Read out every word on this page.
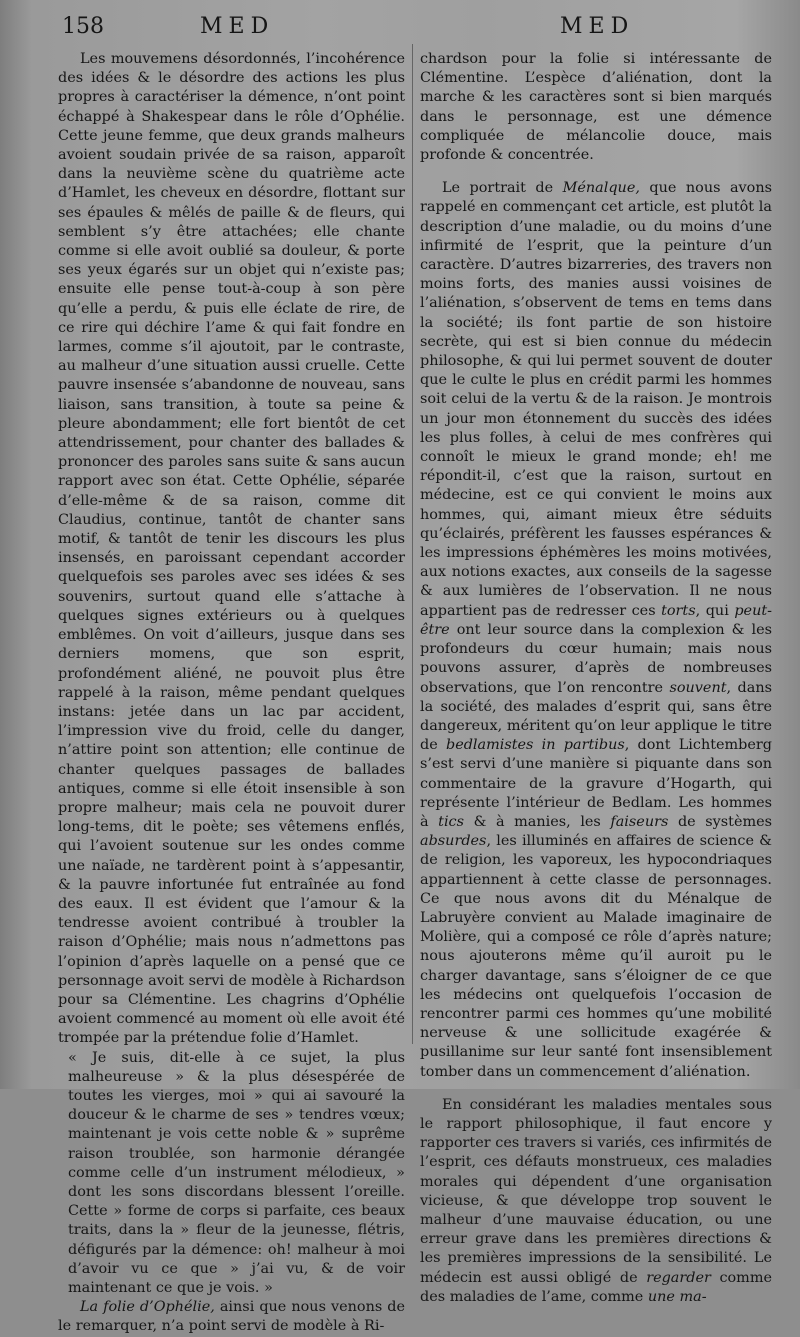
158	MED	MED

Les mouvemens désordonnés, l’incohérence des idées & le désordre des actions les plus propres à caractériser la démence, n’ont point échappé à Shakespear dans le rôle d’Ophélie. Cette jeune femme, que deux grands malheurs avoient soudain privée de sa raison, apparoît dans la neuvième scène du quatrième acte d’Hamlet, les cheveux en désordre, flottant sur ses épaules & mêlés de paille & de fleurs, qui semblent s’y être attachées; elle chante comme si elle avoit oublié sa douleur, & porte ses yeux égarés sur un objet qui n’existe pas; ensuite elle pense tout-à-coup à son père qu’elle a perdu, & puis elle éclate de rire, de ce rire qui déchire l’ame & qui fait fondre en larmes, comme s’il ajoutoit, par le contraste, au malheur d’une situation aussi cruelle. Cette pauvre insensée s’abandonne de nouveau, sans liaison, sans transition, à toute sa peine & pleure abondamment; elle fort bientôt de cet attendrissement, pour chanter des ballades & prononcer des paroles sans suite & sans aucun rapport avec son état. Cette Ophélie, séparée d’elle-même & de sa raison, comme dit Claudius, continue, tantôt de chanter sans motif, & tantôt de tenir les discours les plus insensés, en paroissant cependant accorder quelquefois ses paroles avec ses idées & ses souvenirs, surtout quand elle s’attache à quelques signes extérieurs ou à quelques emblêmes. On voit d’ailleurs, jusque dans ses derniers momens, que son esprit, profondément aliéné, ne pouvoit plus être rappelé à la raison, même pendant quelques instans: jetée dans un lac par accident, l’impression vive du froid, celle du danger, n’attire point son attention; elle continue de chanter quelques passages de ballades antiques, comme si elle étoit insensible à son propre malheur; mais cela ne pouvoit durer long-tems, dit le poète; ses vêtemens enflés, qui l’avoient soutenue sur les ondes comme une naïade, ne tardèrent point à s’appesantir, & la pauvre infortunée fut entraînée au fond des eaux. Il est évident que l’amour & la tendresse avoient contribué à troubler la raison d’Ophélie; mais nous n’admettons pas l’opinion d’après laquelle on a pensé que ce personnage avoit servi de modèle à Richardson pour sa Clémentine. Les chagrins d’Ophélie avoient commencé au moment où elle avoit été trompée par la prétendue folie d’Hamlet.

« Je suis, dit-elle à ce sujet, la plus malheureuse » & la plus désespérée de toutes les vierges, moi » qui ai savouré la douceur & le charme de ses » tendres vœux; maintenant je vois cette noble & » suprême raison troublée, son harmonie dérangée comme celle d’un instrument mélodieux, » dont les sons discordans blessent l’oreille. Cette » forme de corps si parfaite, ces beaux traits, dans la » fleur de la jeunesse, flétris, défigurés par la démence: oh! malheur à moi d’avoir vu ce que » j’ai vu, & de voir maintenant ce que je vois. »

La folie d’Ophélie, ainsi que nous venons de le remarquer, n’a point servi de modèle à Ri-

chardson pour la folie si intéressante de Clémentine. L’espèce d’aliénation, dont la marche & les caractères sont si bien marqués dans le personnage, est une démence compliquée de mélancolie douce, mais profonde & concentrée.

Le portrait de Ménalque, que nous avons rappelé en commençant cet article, est plutôt la description d’une maladie, ou du moins d’une infirmité de l’esprit, que la peinture d’un caractère. D’autres bizarreries, des travers non moins forts, des manies aussi voisines de l’aliénation, s’observent de tems en tems dans la société; ils font partie de son histoire secrète, qui est si bien connue du médecin philosophe, & qui lui permet souvent de douter que le culte le plus en crédit parmi les hommes soit celui de la vertu & de la raison. Je montrois un jour mon étonnement du succès des idées les plus folles, à celui de mes confrères qui connoît le mieux le grand monde; eh! me répondit-il, c’est que la raison, surtout en médecine, est ce qui convient le moins aux hommes, qui, aimant mieux être séduits qu’éclairés, préfèrent les fausses espérances & les impressions éphémères les moins motivées, aux notions exactes, aux conseils de la sagesse & aux lumières de l’observation. Il ne nous appartient pas de redresser ces torts, qui peut-être ont leur source dans la complexion & les profondeurs du cœur humain; mais nous pouvons assurer, d’après de nombreuses observations, que l’on rencontre souvent, dans la société, des malades d’esprit qui, sans être dangereux, méritent qu’on leur applique le titre de bedlamistes in partibus, dont Lichtemberg s’est servi d’une manière si piquante dans son commentaire de la gravure d’Hogarth, qui représente l’intérieur de Bedlam. Les hommes à tics & à manies, les faiseurs de systèmes absurdes, les illuminés en affaires de science & de religion, les vaporeux, les hypocondriaques appartiennent à cette classe de personnages. Ce que nous avons dit du Ménalque de Labruyère convient au Malade imaginaire de Molière, qui a composé ce rôle d’après nature; nous ajouterons même qu’il auroit pu le charger davantage, sans s’éloigner de ce que les médecins ont quelquefois l’occasion de rencontrer parmi ces hommes qu’une mobilité nerveuse & une sollicitude exagérée & pusillanime sur leur santé font insensiblement tomber dans un commencement d’aliénation.

En considérant les maladies mentales sous le rapport philosophique, il faut encore y rapporter ces travers si variés, ces infirmités de l’esprit, ces défauts monstrueux, ces maladies morales qui dépendent d’une organisation vicieuse, & que développe trop souvent le malheur d’une mauvaise éducation, ou une erreur grave dans les premières directions & les premières impressions de la sensibilité. Le médecin est aussi obligé de regarder comme des maladies de l’ame, comme une ma-
